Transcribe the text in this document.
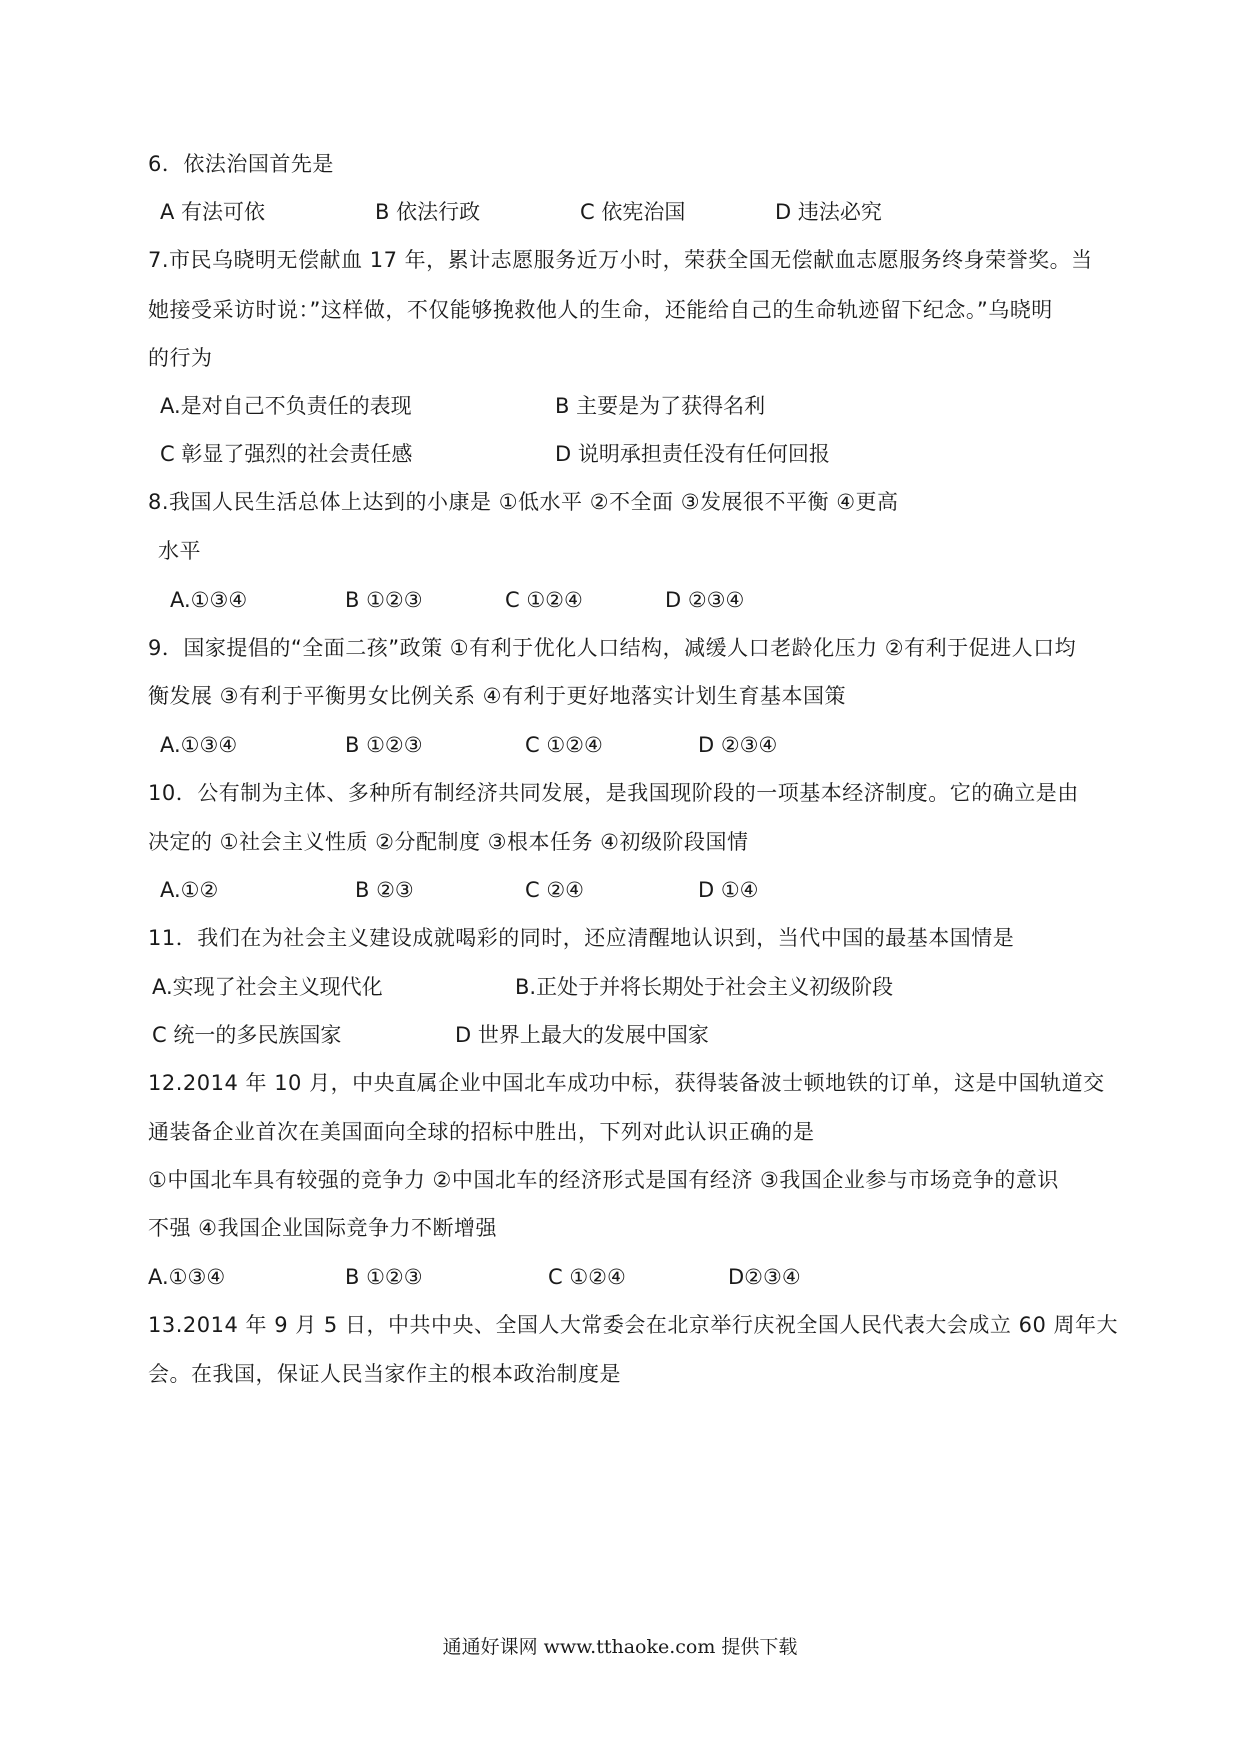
6．依法治国首先是
A 有法可依	B 依法行政	C 依宪治国	D 违法必究
7.市民乌晓明无偿献血 17 年，累计志愿服务近万小时，荣获全国无偿献血志愿服务终身荣誉奖。当
她接受采访时说：”这样做，不仅能够挽救他人的生命，还能给自己的生命轨迹留下纪念。”乌晓明
的行为
A.是对自己不负责任的表现	B 主要是为了获得名利
C 彰显了强烈的社会责任感	D 说明承担责任没有任何回报
8.我国人民生活总体上达到的小康是 ①低水平 ②不全面 ③发展很不平衡 ④更高
水平
A.①③④	B ①②③	C ①②④	D ②③④
9．国家提倡的“全面二孩”政策 ①有利于优化人口结构，减缓人口老龄化压力 ②有利于促进人口均
衡发展 ③有利于平衡男女比例关系 ④有利于更好地落实计划生育基本国策
A.①③④	B ①②③	C ①②④	D ②③④
10．公有制为主体、多种所有制经济共同发展，是我国现阶段的一项基本经济制度。它的确立是由
决定的 ①社会主义性质 ②分配制度 ③根本任务 ④初级阶段国情
A.①②	B ②③	C ②④	D ①④
11．我们在为社会主义建设成就喝彩的同时，还应清醒地认识到，当代中国的最基本国情是
A.实现了社会主义现代化	B.正处于并将长期处于社会主义初级阶段
C 统一的多民族国家	D 世界上最大的发展中国家
12.2014 年 10 月，中央直属企业中国北车成功中标，获得装备波士顿地铁的订单，这是中国轨道交
通装备企业首次在美国面向全球的招标中胜出，下列对此认识正确的是
①中国北车具有较强的竞争力 ②中国北车的经济形式是国有经济 ③我国企业参与市场竞争的意识
不强 ④我国企业国际竞争力不断增强
A.①③④	B ①②③	C ①②④	D②③④
13.2014 年 9 月 5 日，中共中央、全国人大常委会在北京举行庆祝全国人民代表大会成立 60 周年大
会。在我国，保证人民当家作主的根本政治制度是
通通好课网 www.tthaoke.com 提供下载
